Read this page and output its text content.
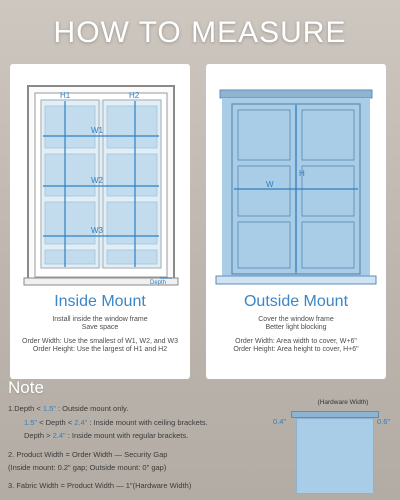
HOW TO MEASURE
H1	H2
W1
W2
W3
Depth
Inside Mount
Install inside the window frame
Save space
Order Width: Use the smallest of W1, W2, and W3
Order Height: Use the largest of H1 and H2
W
H
Outside Mount
Cover the window frame
Better light blocking
Order Width: Area width to cover, W+6"
Order Height: Area height to cover, H+6"
Note
1.Depth < 1.5" : Outside mount only.
1.5" < Depth < 2.4" : Inside mount with ceiling brackets.
Depth > 2.4" : Inside mount with regular brackets.
2. Product Width = Order Width — Security Gap
(Inside mount: 0.2" gap; Outside mount: 0" gap)
3. Fabric Width = Product Width — 1"(Hardware Width)
(Hardware Width)
0.4"	0.6"
